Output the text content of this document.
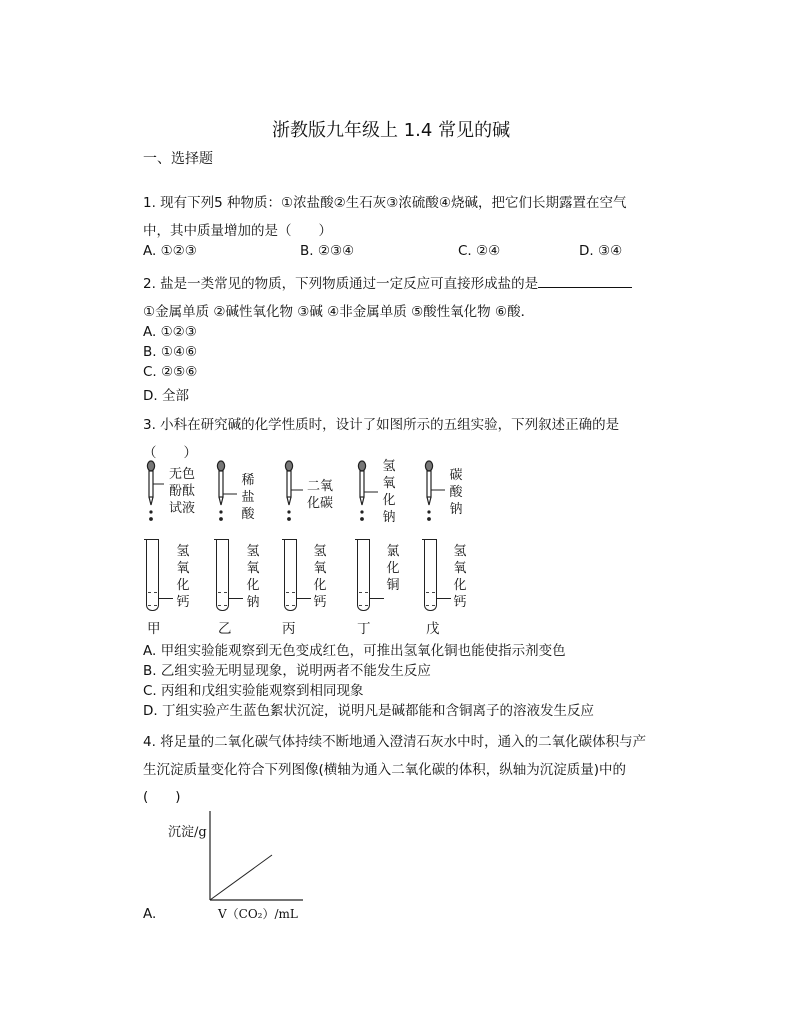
浙教版九年级上 1.4 常见的碱
一、选择题
1. 现有下列5 种物质：①浓盐酸②生石灰③浓硫酸④烧碱，把它们长期露置在空气
中，其中质量增加的是（　　）
A. ①②③	B. ②③④	C. ②④	D. ③④
2. 盐是一类常见的物质，下列物质通过一定反应可直接形成盐的是
①金属单质 ②碱性氧化物 ③碱 ④非金属单质 ⑤酸性氧化物 ⑥酸．
A. ①②③
B. ①④⑥
C. ②⑤⑥
D. 全部
3. 小科在研究碱的化学性质时，设计了如图所示的五组实验，下列叙述正确的是
（　　）
无色酚酞试液
稀盐酸
二氧化碳
氢氧化钠
碳酸钠
氢氧化钙
氢氧化钠
氢氧化钙
氯化铜
氢氧化钙
甲	乙	丙	丁	戊
A. 甲组实验能观察到无色变成红色，可推出氢氧化铜也能使指示剂变色
B. 乙组实验无明显现象，说明两者不能发生反应
C. 丙组和戊组实验能观察到相同现象
D. 丁组实验产生蓝色絮状沉淀，说明凡是碱都能和含铜离子的溶液发生反应
4. 将足量的二氧化碳气体持续不断地通入澄清石灰水中时，通入的二氧化碳体积与产
生沉淀质量变化符合下列图像(横轴为通入二氧化碳的体积，纵轴为沉淀质量)中的
(　　)
沉淀/g
V（CO₂）/mL
A.
